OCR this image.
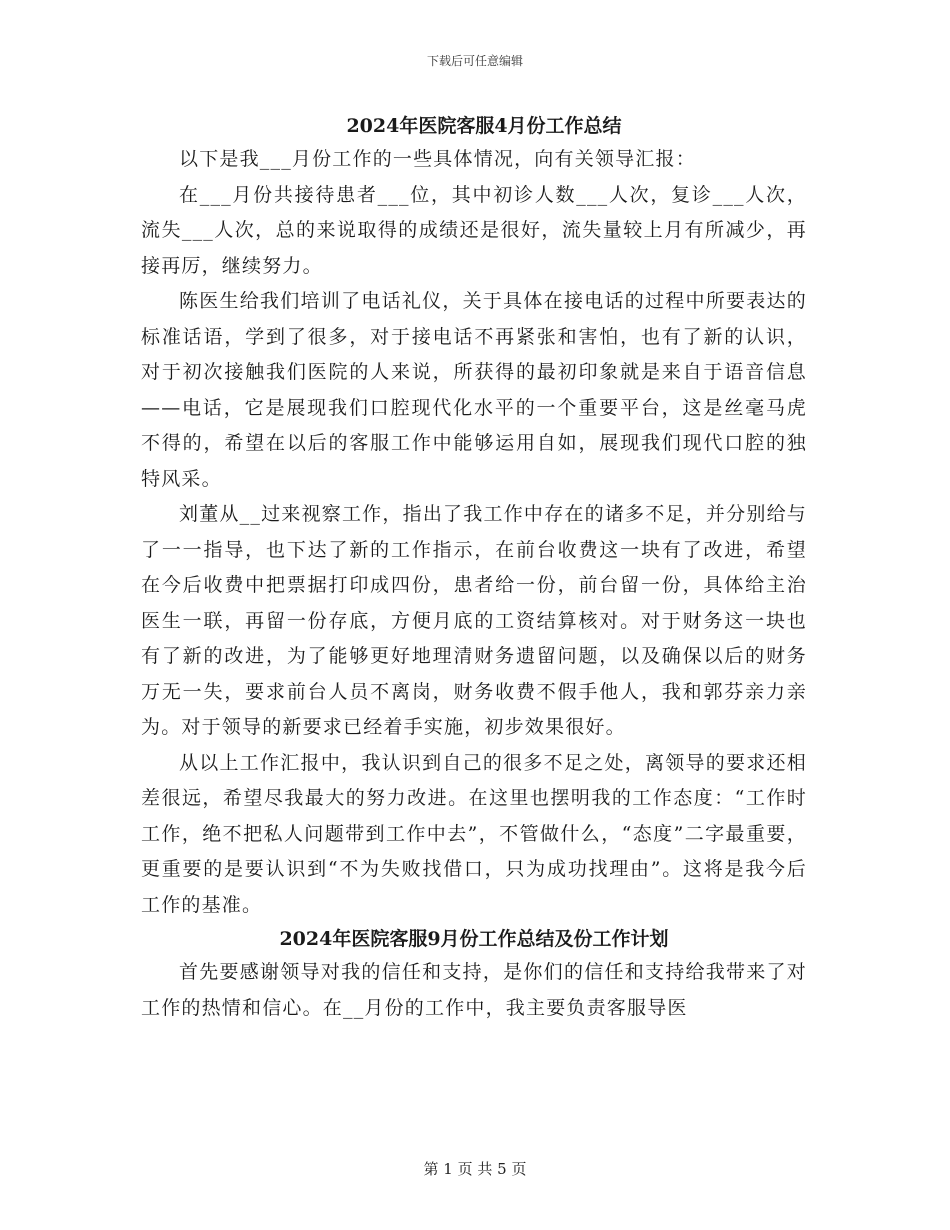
下载后可任意编辑
2024年医院客服4月份工作总结

以下是我___月份工作的一些具体情况，向有关领导汇报：

在___月份共接待患者___位，其中初诊人数___人次，复诊___人次，流失___人次，总的来说取得的成绩还是很好，流失量较上月有所减少，再接再厉，继续努力。

陈医生给我们培训了电话礼仪，关于具体在接电话的过程中所要表达的标准话语，学到了很多，对于接电话不再紧张和害怕，也有了新的认识，对于初次接触我们医院的人来说，所获得的最初印象就是来自于语音信息——电话，它是展现我们口腔现代化水平的一个重要平台，这是丝毫马虎不得的，希望在以后的客服工作中能够运用自如，展现我们现代口腔的独特风采。

刘董从__过来视察工作，指出了我工作中存在的诸多不足，并分别给与了一一指导，也下达了新的工作指示，在前台收费这一块有了改进，希望在今后收费中把票据打印成四份，患者给一份，前台留一份，具体给主治医生一联，再留一份存底，方便月底的工资结算核对。对于财务这一块也有了新的改进，为了能够更好地理清财务遗留问题，以及确保以后的财务万无一失，要求前台人员不离岗，财务收费不假手他人，我和郭芬亲力亲为。对于领导的新要求已经着手实施，初步效果很好。

从以上工作汇报中，我认识到自己的很多不足之处，离领导的要求还相差很远，希望尽我最大的努力改进。在这里也摆明我的工作态度：“工作时工作，绝不把私人问题带到工作中去”，不管做什么，“态度”二字最重要，更重要的是要认识到“不为失败找借口，只为成功找理由”。这将是我今后工作的基准。

2024年医院客服9月份工作总结及份工作计划

首先要感谢领导对我的信任和支持，是你们的信任和支持给我带来了对工作的热情和信心。在__月份的工作中，我主要负责客服导医

第 1 页 共 5 页
